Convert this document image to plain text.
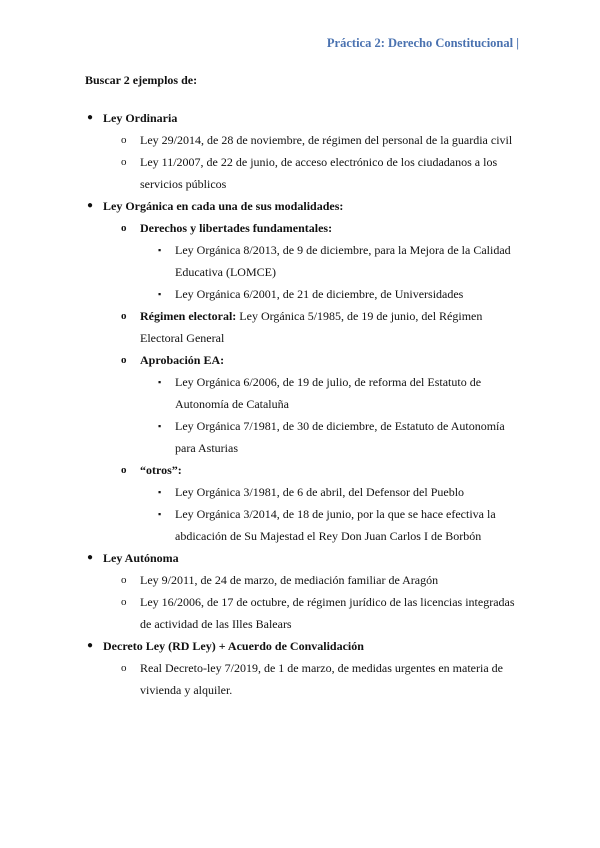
Práctica 2: Derecho Constitucional |

Buscar 2 ejemplos de:

● Ley Ordinaria
o Ley 29/2014, de 28 de noviembre, de régimen del personal de la guardia civil
o Ley 11/2007, de 22 de junio, de acceso electrónico de los ciudadanos a los servicios públicos
● Ley Orgánica en cada una de sus modalidades:
o Derechos y libertades fundamentales:
▪ Ley Orgánica 8/2013, de 9 de diciembre, para la Mejora de la Calidad Educativa (LOMCE)
▪ Ley Orgánica 6/2001, de 21 de diciembre, de Universidades
o Régimen electoral: Ley Orgánica 5/1985, de 19 de junio, del Régimen Electoral General
o Aprobación EA:
▪ Ley Orgánica 6/2006, de 19 de julio, de reforma del Estatuto de Autonomía de Cataluña
▪ Ley Orgánica 7/1981, de 30 de diciembre, de Estatuto de Autonomía para Asturias
o “otros”:
▪ Ley Orgánica 3/1981, de 6 de abril, del Defensor del Pueblo
▪ Ley Orgánica 3/2014, de 18 de junio, por la que se hace efectiva la abdicación de Su Majestad el Rey Don Juan Carlos I de Borbón
● Ley Autónoma
o Ley 9/2011, de 24 de marzo, de mediación familiar de Aragón
o Ley 16/2006, de 17 de octubre, de régimen jurídico de las licencias integradas de actividad de las Illes Balears
● Decreto Ley (RD Ley) + Acuerdo de Convalidación
o Real Decreto-ley 7/2019, de 1 de marzo, de medidas urgentes en materia de vivienda y alquiler.
